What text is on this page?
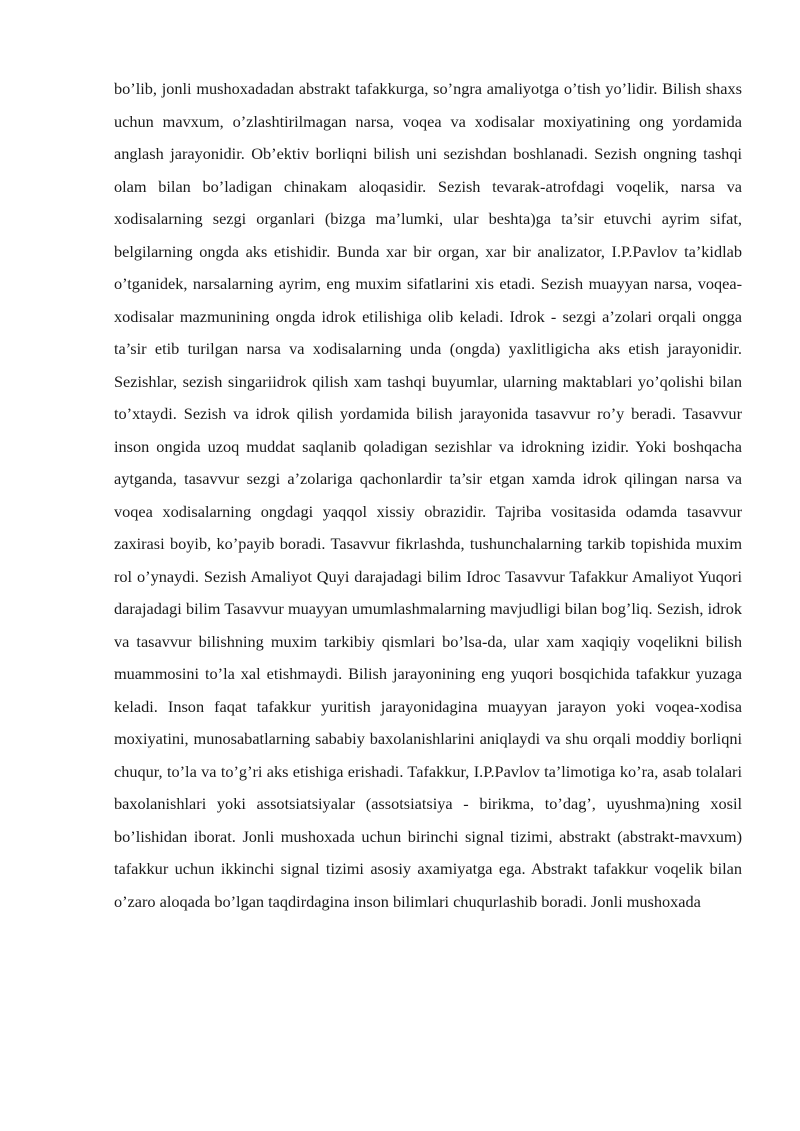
bo’lib, jonli mushoxadadan abstrakt tafakkurga, so’ngra amaliyotga o’tish yo’lidir. Bilish shaxs uchun mavxum, o’zlashtirilmagan narsa, voqea va xodisalar moxiyatining ong yordamida anglash jarayonidir. Ob’ektiv borliqni bilish uni sezishdan boshlanadi. Sezish ongning tashqi olam bilan bo’ladigan chinakam aloqasidir. Sezish tevarak-atrofdagi voqelik, narsa va xodisalarning sezgi organlari (bizga ma’lumki, ular beshta)ga ta’sir etuvchi ayrim sifat, belgilarning ongda aks etishidir. Bunda xar bir organ, xar bir analizator, I.P.Pavlov ta’kidlab o’tganidek, narsalarning ayrim, eng muxim sifatlarini xis etadi. Sezish muayyan narsa, voqea-xodisalar mazmunining ongda idrok etilishiga olib keladi. Idrok - sezgi a’zolari orqali ongga ta’sir etib turilgan narsa va xodisalarning unda (ongda) yaxlitligicha aks etish jarayonidir. Sezishlar, sezish singariidrok qilish xam tashqi buyumlar, ularning maktablari yo’qolishi bilan to’xtaydi. Sezish va idrok qilish yordamida bilish jarayonida tasavvur ro’y beradi. Tasavvur inson ongida uzoq muddat saqlanib qoladigan sezishlar va idrokning izidir. Yoki boshqacha aytganda, tasavvur sezgi a’zolariga qachonlardir ta’sir etgan xamda idrok qilingan narsa va voqea xodisalarning ongdagi yaqqol xissiy obrazidir. Tajriba vositasida odamda tasavvur zaxirasi boyib, ko’payib boradi. Tasavvur fikrlashda, tushunchalarning tarkib topishida muxim rol o’ynaydi. Sezish Amaliyot Quyi darajadagi bilim Idroc Tasavvur Tafakkur Amaliyot Yuqori darajadagi bilim Tasavvur muayyan umumlashmalarning mavjudligi bilan bog’liq. Sezish, idrok va tasavvur bilishning muxim tarkibiy qismlari bo’lsa-da, ular xam xaqiqiy voqelikni bilish muammosini to’la xal etishmaydi. Bilish jarayonining eng yuqori bosqichida tafakkur yuzaga keladi. Inson faqat tafakkur yuritish jarayonidagina muayyan jarayon yoki voqea-xodisa moxiyatini, munosabatlarning sababiy baxolanishlarini aniqlaydi va shu orqali moddiy borliqni chuqur, to’la va to’g’ri aks etishiga erishadi. Tafakkur, I.P.Pavlov ta’limotiga ko’ra, asab tolalari baxolanishlari yoki assotsiatsiyalar (assotsiatsiya - birikma, to’dag’, uyushma)ning xosil bo’lishidan iborat. Jonli mushoxada uchun birinchi signal tizimi, abstrakt (abstrakt-mavxum) tafakkur uchun ikkinchi signal tizimi asosiy axamiyatga ega. Abstrakt tafakkur voqelik bilan o’zaro aloqada bo’lgan taqdirdagina inson bilimlari chuqurlashib boradi. Jonli mushoxada
